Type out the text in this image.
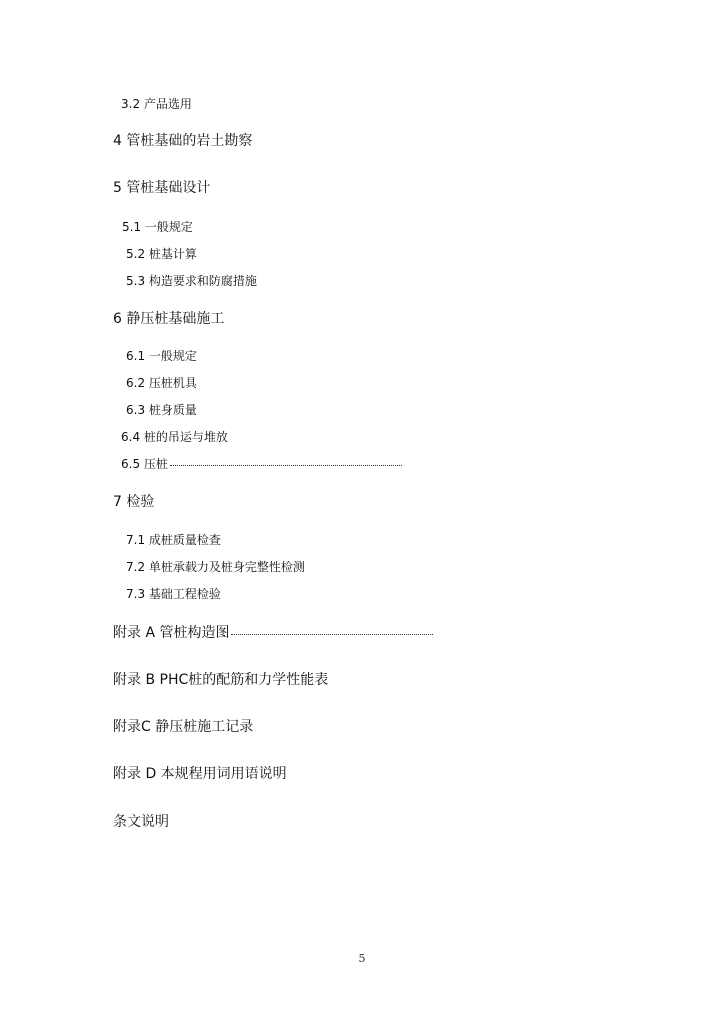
3.2 产品选用
4 管桩基础的岩土勘察
5 管桩基础设计
5.1 一般规定
5.2 桩基计算
5.3 构造要求和防腐措施
6 静压桩基础施工
6.1 一般规定
6.2 压桩机具
6.3 桩身质量
6.4 桩的吊运与堆放
6.5 压桩
7 检验
7.1 成桩质量检查
7.2 单桩承载力及桩身完整性检测
7.3 基础工程检验
附录 A 管桩构造图
附录 B PHC桩的配筋和力学性能表
附录C 静压桩施工记录
附录 D 本规程用词用语说明
条文说明
5
